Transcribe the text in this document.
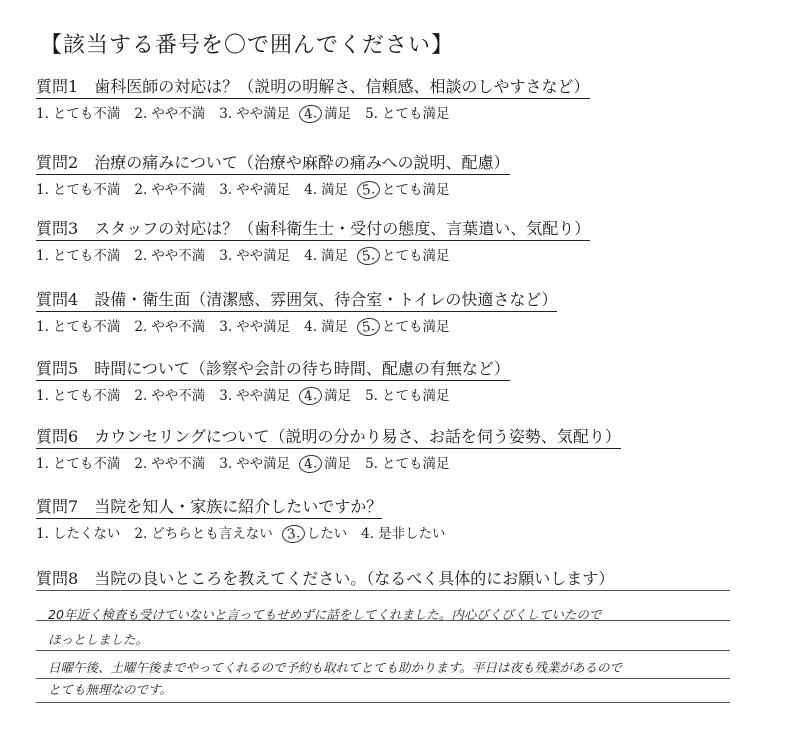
【該当する番号を〇で囲んでください】
質問1 歯科医師の対応は？（説明の明解さ、信頼感、相談のしやすさなど）
1. とても不満 2. やや不満 3. やや満足 4. 満足 5. とても満足
質問2 治療の痛みについて（治療や麻酔の痛みへの説明、配慮）
1. とても不満 2. やや不満 3. やや満足 4. 満足 5. とても満足
質問3 スタッフの対応は？（歯科衛生士・受付の態度、言葉遣い、気配り）
1. とても不満 2. やや不満 3. やや満足 4. 満足 5. とても満足
質問4 設備・衛生面（清潔感、雰囲気、待合室・トイレの快適さなど）
1. とても不満 2. やや不満 3. やや満足 4. 満足 5. とても満足
質問5 時間について（診察や会計の待ち時間、配慮の有無など）
1. とても不満 2. やや不満 3. やや満足 4. 満足 5. とても満足
質問6 カウンセリングについて（説明の分かり易さ、お話を伺う姿勢、気配り）
1. とても不満 2. やや不満 3. やや満足 4. 満足 5. とても満足
質問7 当院を知人・家族に紹介したいですか？
1. したくない 2. どちらとも言えない 3. したい 4. 是非したい
質問8 当院の良いところを教えてください。（なるべく具体的にお願いします）
20年近く検査も受けていないと言ってもせめずに話をしてくれました。内心びくびくしていたので
ほっとしました。
日曜午後、土曜午後までやってくれるので予約も取れてとても助かります。平日は夜も残業があるので
とても無理なのです。
